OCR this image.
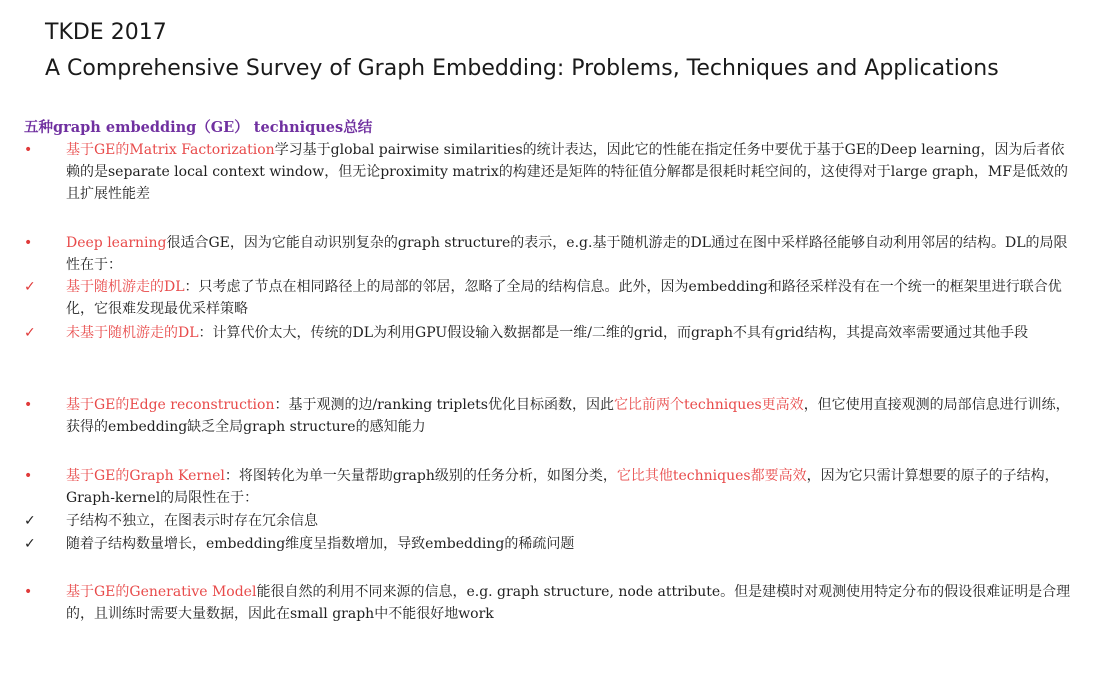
TKDE 2017
A Comprehensive Survey of Graph Embedding: Problems, Techniques and Applications
五种graph embedding（GE） techniques总结
•	基于GE的Matrix Factorization学习基于global pairwise similarities的统计表达，因此它的性能在指定任务中要优于基于GE的Deep learning，因为后者依赖的是separate local context window，但无论proximity matrix的构建还是矩阵的特征值分解都是很耗时耗空间的，这使得对于large graph，MF是低效的且扩展性能差
•	Deep learning很适合GE，因为它能自动识别复杂的graph structure的表示，e.g.基于随机游走的DL通过在图中采样路径能够自动利用邻居的结构。DL的局限性在于：
✓	基于随机游走的DL：只考虑了节点在相同路径上的局部的邻居，忽略了全局的结构信息。此外，因为embedding和路径采样没有在一个统一的框架里进行联合优化，它很难发现最优采样策略
✓	未基于随机游走的DL：计算代价太大，传统的DL为利用GPU假设输入数据都是一维/二维的grid，而graph不具有grid结构，其提高效率需要通过其他手段
•	基于GE的Edge reconstruction：基于观测的边/ranking triplets优化目标函数，因此它比前两个techniques更高效，但它使用直接观测的局部信息进行训练，获得的embedding缺乏全局graph structure的感知能力
•	基于GE的Graph Kernel：将图转化为单一矢量帮助graph级别的任务分析，如图分类，它比其他techniques都要高效，因为它只需计算想要的原子的子结构，Graph-kernel的局限性在于：
✓	子结构不独立，在图表示时存在冗余信息
✓	随着子结构数量增长，embedding维度呈指数增加，导致embedding的稀疏问题
•	基于GE的Generative Model能很自然的利用不同来源的信息，e.g. graph structure, node attribute。但是建模时对观测使用特定分布的假设很难证明是合理的，且训练时需要大量数据，因此在small graph中不能很好地work
